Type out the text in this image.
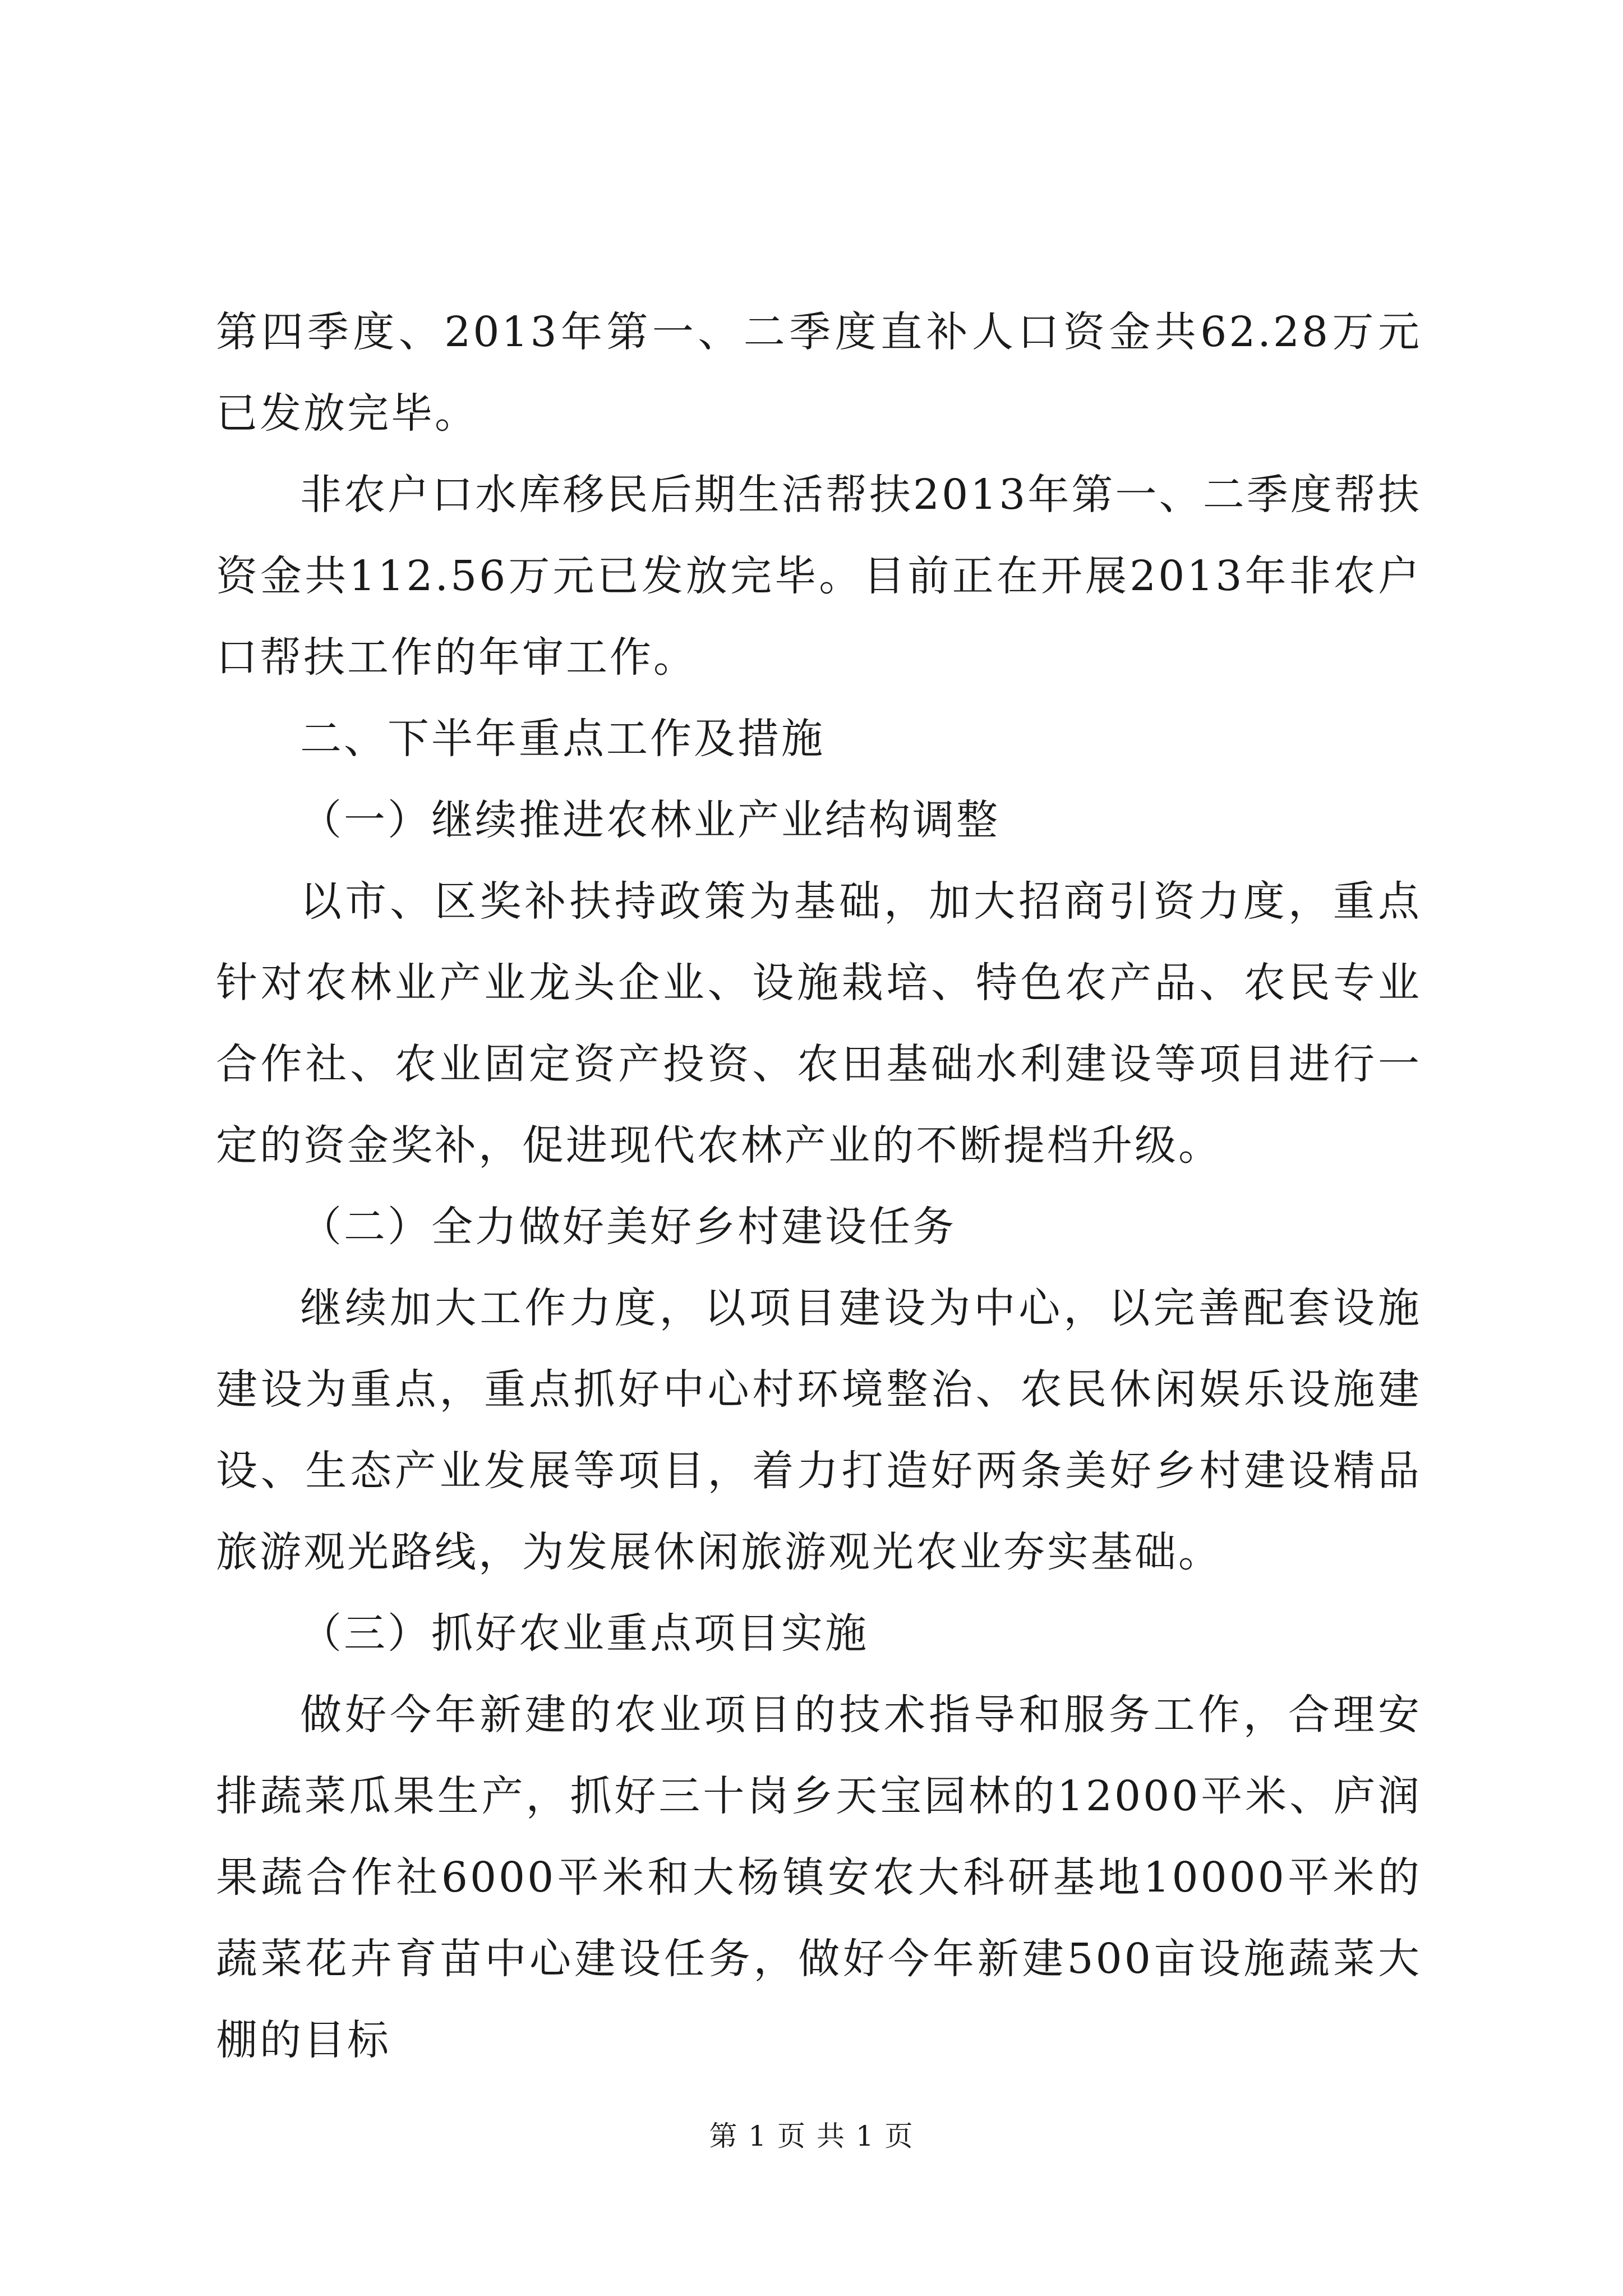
第四季度、2013年第一、二季度直补人口资金共62.28万元已发放完毕。

非农户口水库移民后期生活帮扶2013年第一、二季度帮扶资金共112.56万元已发放完毕。目前正在开展2013年非农户口帮扶工作的年审工作。

二、下半年重点工作及措施

（一）继续推进农林业产业结构调整

以市、区奖补扶持政策为基础，加大招商引资力度，重点针对农林业产业龙头企业、设施栽培、特色农产品、农民专业合作社、农业固定资产投资、农田基础水利建设等项目进行一定的资金奖补，促进现代农林产业的不断提档升级。

（二）全力做好美好乡村建设任务

继续加大工作力度，以项目建设为中心，以完善配套设施建设为重点，重点抓好中心村环境整治、农民休闲娱乐设施建设、生态产业发展等项目，着力打造好两条美好乡村建设精品旅游观光路线，为发展休闲旅游观光农业夯实基础。

（三）抓好农业重点项目实施

做好今年新建的农业项目的技术指导和服务工作，合理安排蔬菜瓜果生产，抓好三十岗乡天宝园林的12000平米、庐润果蔬合作社6000平米和大杨镇安农大科研基地10000平米的蔬菜花卉育苗中心建设任务，做好今年新建500亩设施蔬菜大棚的目标

第 1 页 共 1 页
